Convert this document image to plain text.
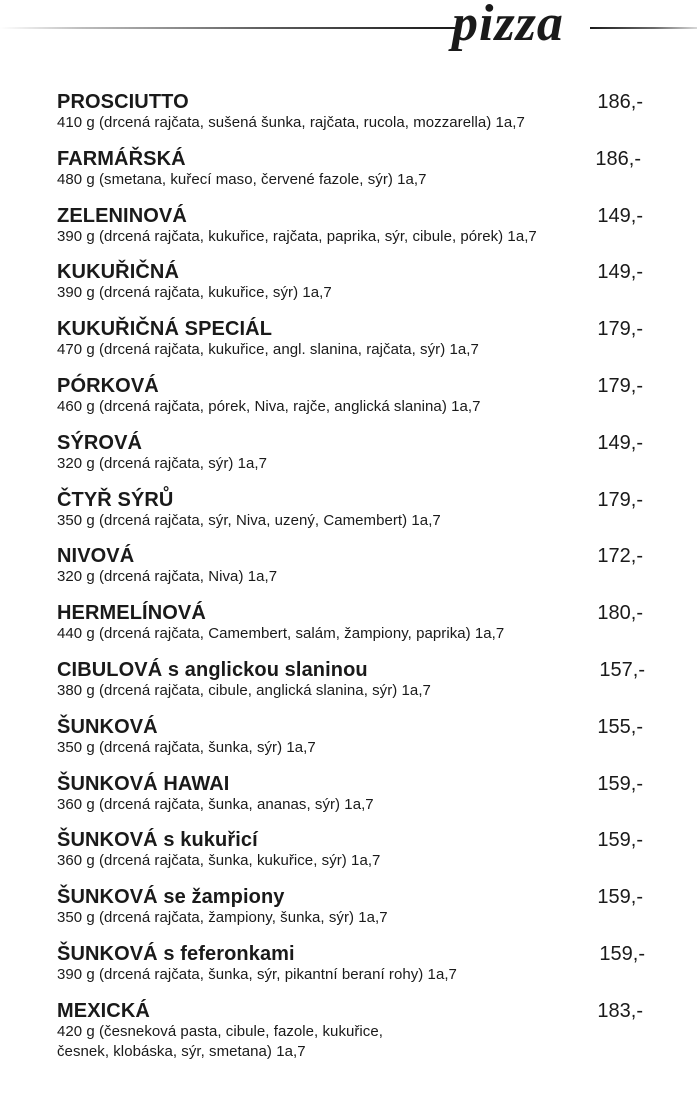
pizza
PROSCIUTTO
410 g (drcená rajčata, sušená šunka, rajčata, rucola, mozzarella) 1a,7
186,-
FARMÁŘSKÁ
480 g (smetana, kuřecí maso, červené fazole, sýr) 1a,7
186,-
ZELENINOVÁ
390 g (drcená rajčata, kukuřice, rajčata, paprika, sýr, cibule, pórek) 1a,7
149,-
KUKUŘIČNÁ
390 g (drcená rajčata, kukuřice, sýr) 1a,7
149,-
KUKUŘIČNÁ SPECIÁL
470 g (drcená rajčata, kukuřice, angl. slanina, rajčata, sýr) 1a,7
179,-
PÓRKOVÁ
460 g (drcená rajčata, pórek, Niva, rajče, anglická slanina) 1a,7
179,-
SÝROVÁ
320 g (drcená rajčata, sýr) 1a,7
149,-
ČTYŘ SÝRŮ
350 g (drcená rajčata, sýr, Niva, uzený, Camembert) 1a,7
179,-
NIVOVÁ
320 g (drcená rajčata, Niva) 1a,7
172,-
HERMELÍNOVÁ
440 g (drcená rajčata, Camembert, salám, žampiony, paprika) 1a,7
180,-
CIBULOVÁ s anglickou slaninou
380 g (drcená rajčata, cibule, anglická slanina, sýr) 1a,7
157,-
ŠUNKOVÁ
350 g (drcená rajčata, šunka, sýr) 1a,7
155,-
ŠUNKOVÁ HAWAI
360 g (drcená rajčata, šunka, ananas, sýr) 1a,7
159,-
ŠUNKOVÁ s kukuřicí
360 g (drcená rajčata, šunka, kukuřice, sýr) 1a,7
159,-
ŠUNKOVÁ se žampiony
350 g (drcená rajčata, žampiony, šunka, sýr) 1a,7
159,-
ŠUNKOVÁ s feferonkami
390 g (drcená rajčata, šunka, sýr, pikantní beraní rohy) 1a,7
159,-
MEXICKÁ
420 g (česneková pasta, cibule, fazole, kukuřice,
česnek, klobáska, sýr, smetana) 1a,7
183,-
